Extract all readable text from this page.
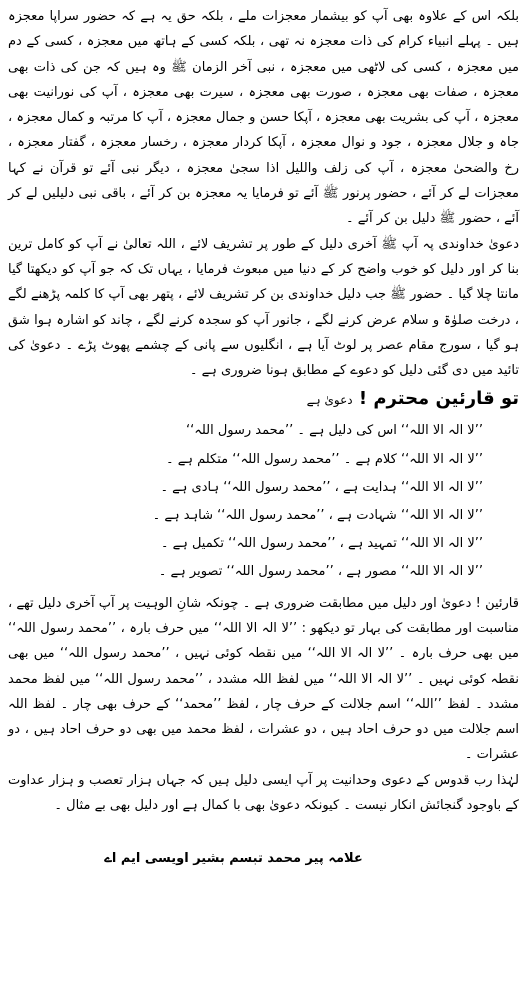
بلکہ اس کے علاوہ بھی آپ کو بیشمار معجزات ملے ، بلکہ حق یہ ہے کہ حضور سراپا معجزہ ہیں ۔ پہلے انبیاء کرام کی ذات معجزہ نہ تھی ، بلکہ کسی کے ہاتھ میں معجزہ ، کسی کے دم میں معجزہ ، کسی کی لاٹھی میں معجزہ ، نبی آخر الزمان ﷺ وہ ہیں کہ جن کی ذات بھی معجزہ ، صفات بھی معجزہ ، صورت بھی معجزہ ، سیرت بھی معجزہ ، آپ کی نورانیت بھی معجزہ ، آپ کی بشریت بھی معجزہ ، آپکا حسن و جمال معجزہ ، آپ کا مرتبہ و کمال معجزہ ، جاہ و جلال معجزہ ، جود و نوال معجزہ ، آپکا کردار معجزہ ، رخسار معجزہ ، گفتار معجزہ ، رخ والضحیٰ معجزہ ، آپ کی زلف واللیل اذا سجیٰ معجزہ ، دیگر نبی آئے تو قرآن نے کہا معجزات لے کر آئے ، حضور پرنور ﷺ آئے تو فرمایا یہ معجزہ بن کر آئے ، باقی نبی دلیلیں لے کر آئے ، حضور ﷺ دلیل بن کر آئے ۔

دعویٰ خداوندی پہ آپ ﷺ آخری دلیل کے طور پر تشریف لائے ، اللہ تعالیٰ نے آپ کو کامل ترین بنا کر اور دلیل کو خوب واضح کر کے دنیا میں مبعوث فرمایا ، یہاں تک کہ جو آپ کو دیکھتا گیا مانتا چلا گیا ۔ حضور ﷺ جب دلیل خداوندی بن کر تشریف لائے ، پتھر بھی آپ کا کلمہ پڑھنے لگے ، درخت صلوٰۃ و سلام عرض کرنے لگے ، جانور آپ کو سجدہ کرنے لگے ، چاند کو اشارہ ہوا شق ہو گیا ، سورج مقام عصر پر لوٹ آیا ہے ، انگلیوں سے پانی کے چشمے پھوٹ پڑے ۔ دعویٰ کی تائید میں دی گئی دلیل کو دعوے کے مطابق ہونا ضروری ہے ۔

تو قارئین محترم ! دعویٰ ہے
’’لا الہ الا اللہ‘‘ اس کی دلیل ہے ۔ ’’محمد رسول اللہ‘‘
’’لا الہ الا اللہ‘‘ کلام ہے ۔ ’’محمد رسول اللہ‘‘ متکلم ہے ۔
’’لا الہ الا اللہ‘‘ ہدایت ہے ، ’’محمد رسول اللہ‘‘ ہادی ہے ۔
’’لا الہ الا اللہ‘‘ شہادت ہے ، ’’محمد رسول اللہ‘‘ شاہد ہے ۔
’’لا الہ الا اللہ‘‘ تمہید ہے ، ’’محمد رسول اللہ‘‘ تکمیل ہے ۔
’’لا الہ الا اللہ‘‘ مصور ہے ، ’’محمد رسول اللہ‘‘ تصویر ہے ۔

قارئین ! دعویٰ اور دلیل میں مطابقت ضروری ہے ۔ چونکہ شانِ الوہیت پر آپ آخری دلیل تھے ، مناسبت اور مطابقت کی بہار تو دیکھو : ’’لا الہ الا اللہ‘‘ میں حرف بارہ ، ’’محمد رسول اللہ‘‘ میں بھی حرف بارہ ۔ ’’لا الہ الا اللہ‘‘ میں نقطہ کوئی نہیں ، ’’محمد رسول اللہ‘‘ میں بھی نقطہ کوئی نہیں ۔ ’’لا الہ الا اللہ‘‘ میں لفظ اللہ مشدد ، ’’محمد رسول اللہ‘‘ میں لفظ محمد مشدد ۔ لفظ ’’اللہ‘‘ اسم جلالت کے حرف چار ، لفظ ’’محمد‘‘ کے حرف بھی چار ۔ لفظ اللہ اسم جلالت میں دو حرف احاد ہیں ، دو عشرات ، لفظ محمد میں بھی دو حرف احاد ہیں ، دو عشرات ۔

لہٰذا رب قدوس کے دعوی وحدانیت پر آپ ایسی دلیل ہیں کہ جہاں ہزار تعصب و ہزار عداوت کے باوجود گنجائش انکار نیست ۔ کیونکہ دعویٰ بھی با کمال ہے اور دلیل بھی بے مثال ۔

علامہ پیر محمد تبسم بشیر اویسی ایم اے
